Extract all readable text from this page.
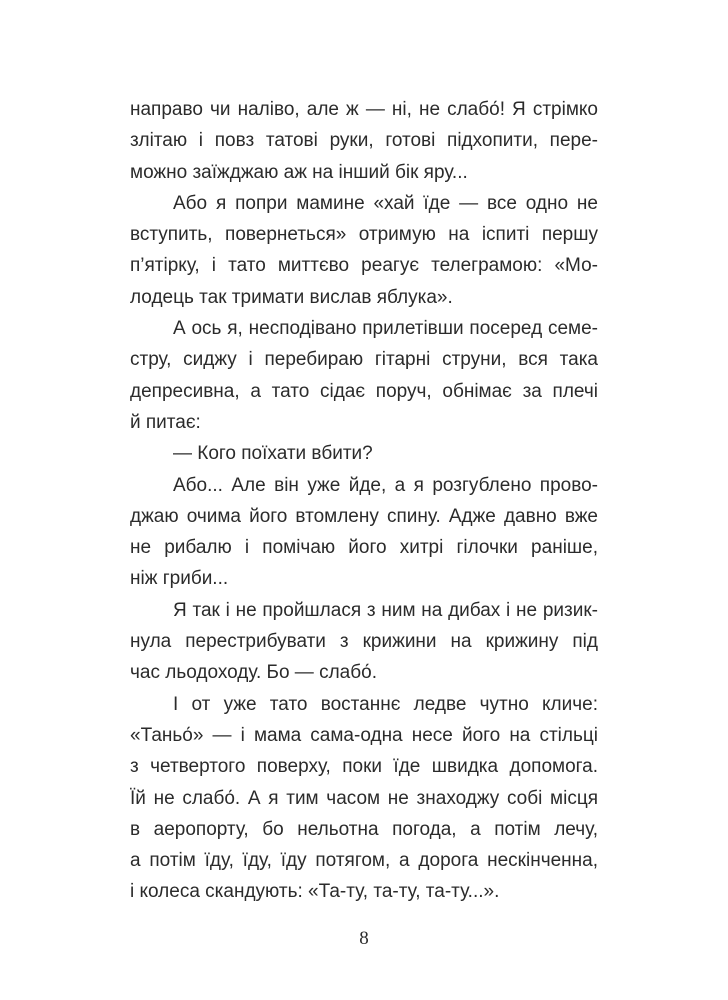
направо чи наліво, але ж — ні, не слабо́! Я стрімко
злітаю і повз татові руки, готові підхопити, пере-
можно заїжджаю аж на інший бік яру...
Або я попри мамине «хай їде — все одно не
вступить, повернеться» отримую на іспиті першу
п’ятірку, і тато миттєво реагує телеграмою: «Мо-
лодець так тримати вислав яблука».
А ось я, несподівано прилетівши посеред семе-
стру, сиджу і перебираю гітарні струни, вся така
депресивна, а тато сідає поруч, обнімає за плечі
й питає:
— Кого поїхати вбити?
Або... Але він уже йде, а я розгублено прово-
джаю очима його втомлену спину. Адже давно вже
не рибалю і помічаю його хитрі гілочки раніше,
ніж гриби...
Я так і не пройшлася з ним на дибах і не ризик-
нула перестрибувати з крижини на крижину під
час льодоходу. Бо — слабо́.
І от уже тато востаннє ледве чутно кличе:
«Таньо́» — і мама сама-одна несе його на стільці
з четвертого поверху, поки їде швидка допомога.
Їй не слабо́. А я тим часом не знаходжу собі місця
в аеропорту, бо нельотна погода, а потім лечу,
а потім їду, їду, їду потягом, а дорога нескінченна,
і колеса скандують: «Та-ту, та-ту, та-ту...».
8
